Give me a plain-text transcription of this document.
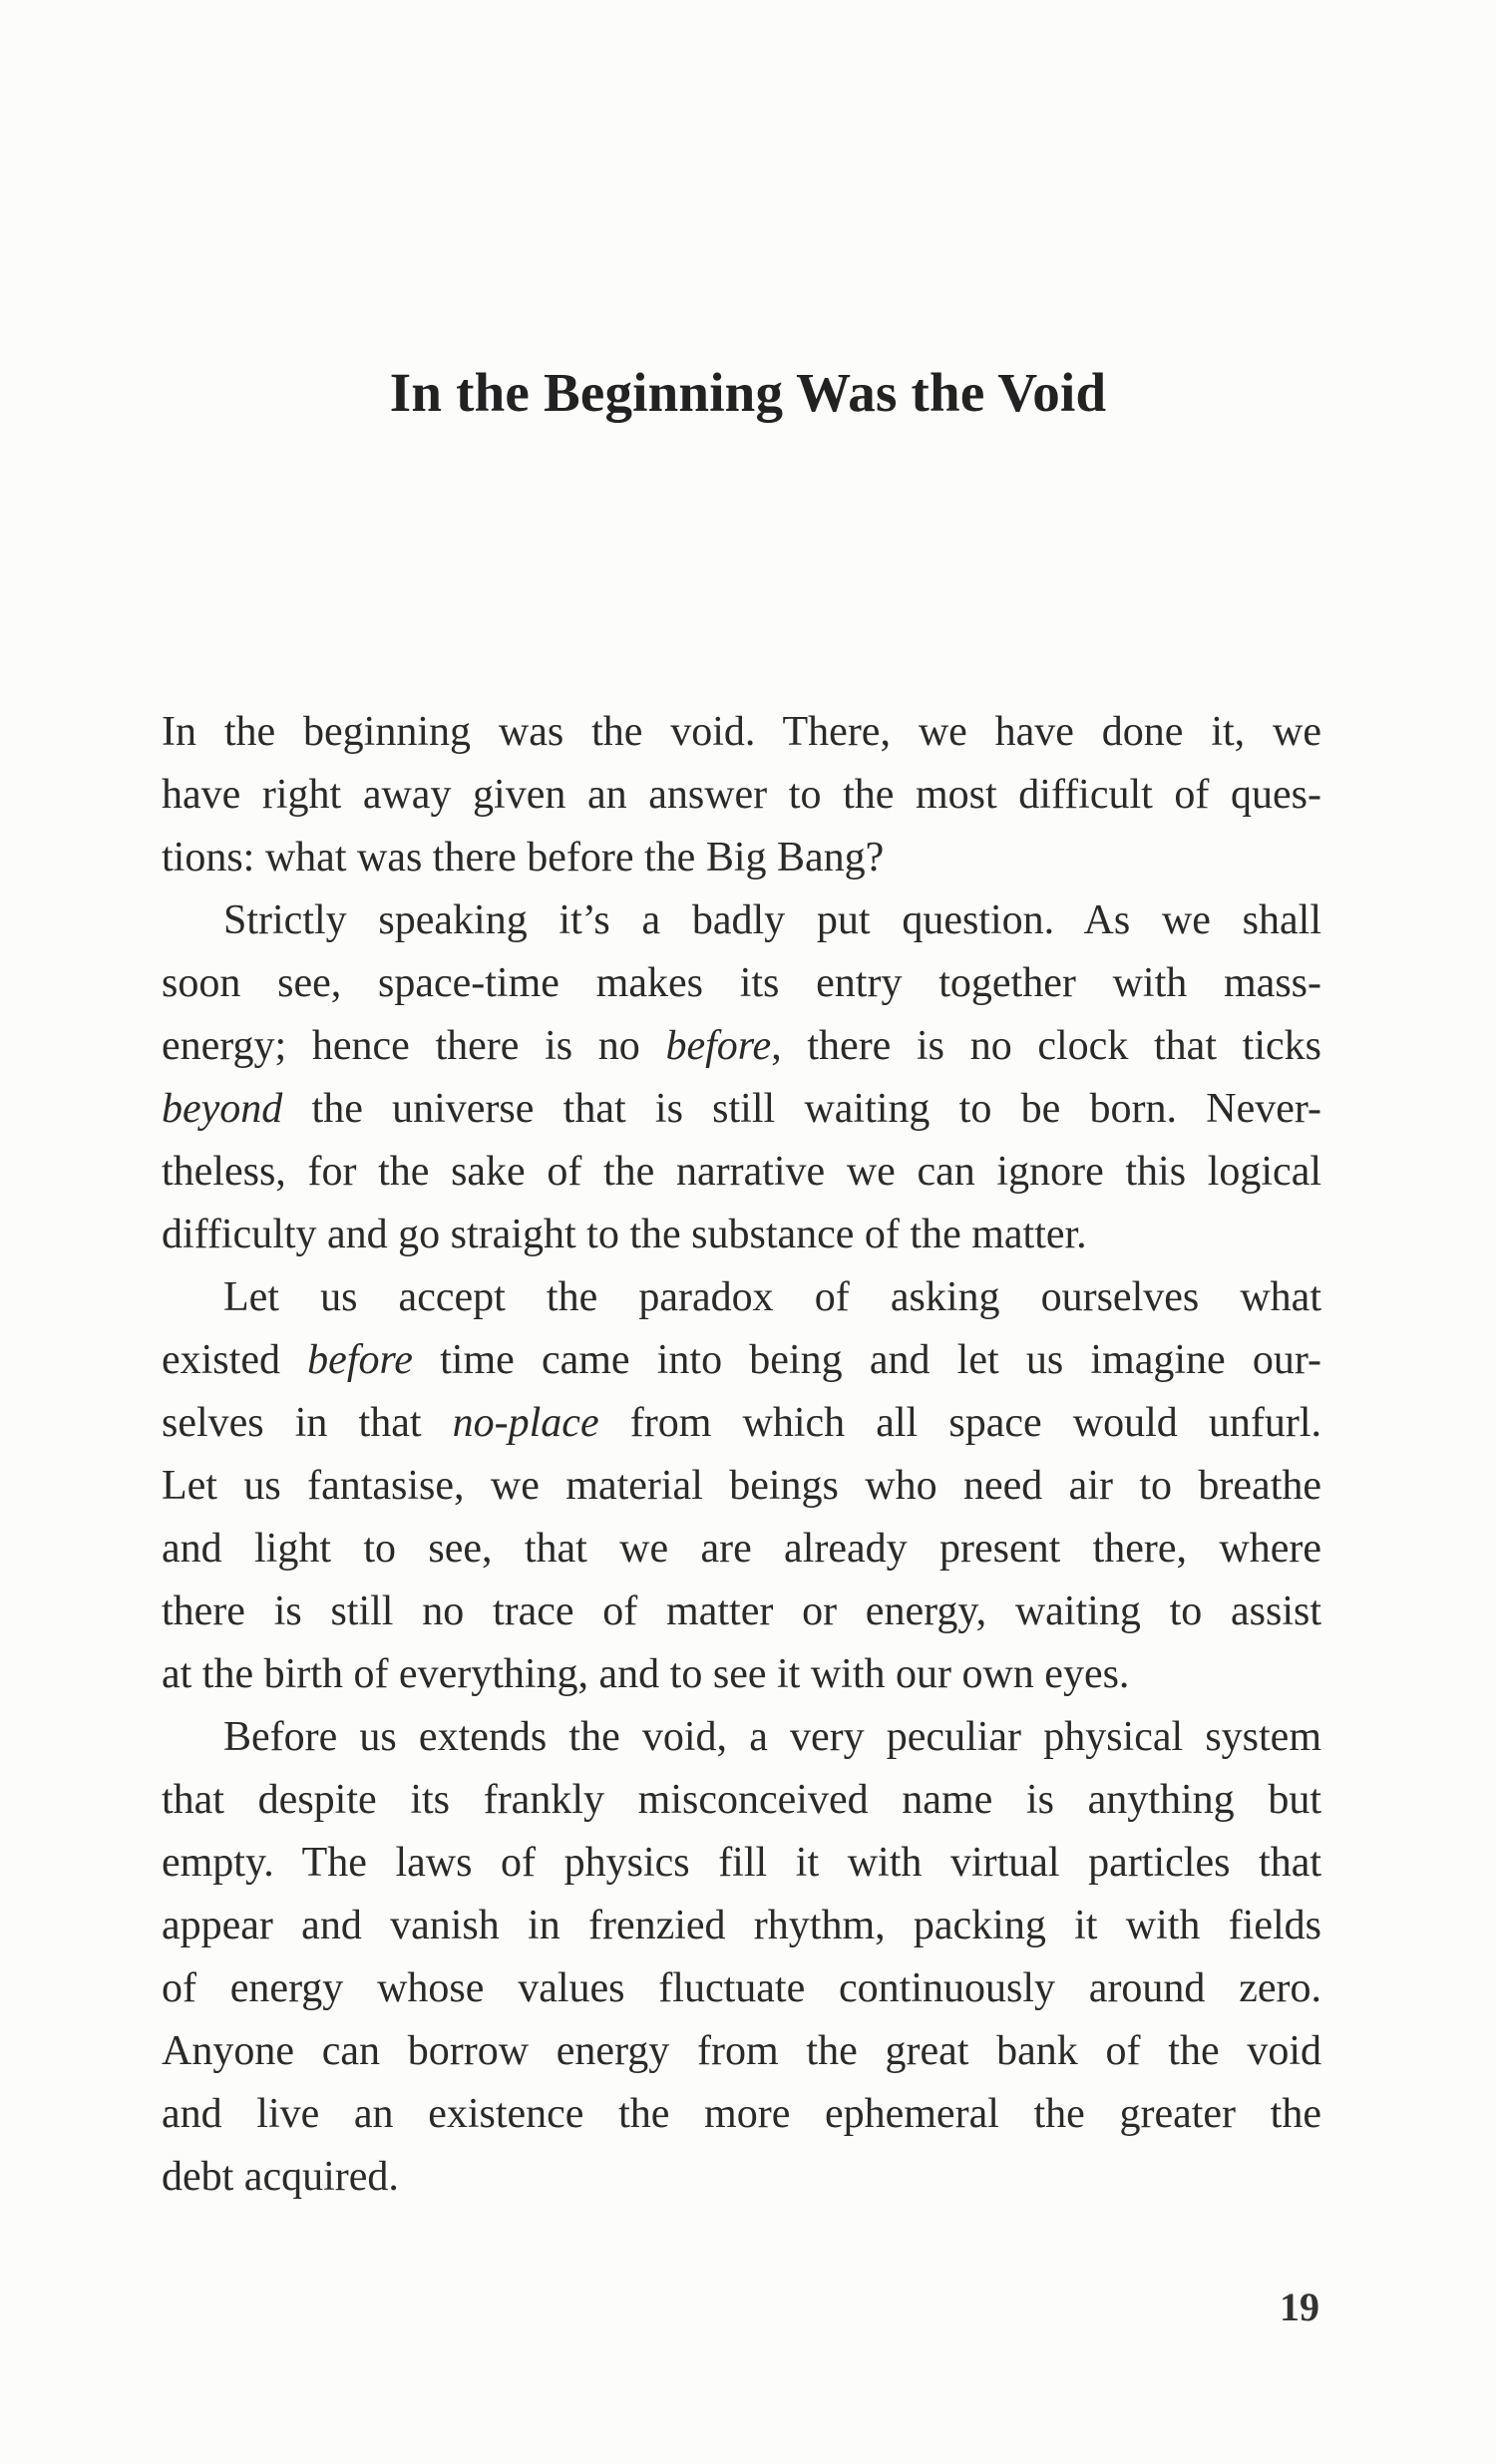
In the Beginning Was the Void
In the beginning was the void. There, we have done it, we
have right away given an answer to the most difficult of ques-
tions: what was there before the Big Bang?
Strictly speaking it’s a badly put question. As we shall
soon see, space-time makes its entry together with mass-
energy; hence there is no before, there is no clock that ticks
beyond the universe that is still waiting to be born. Never-
theless, for the sake of the narrative we can ignore this logical
difficulty and go straight to the substance of the matter.
Let us accept the paradox of asking ourselves what
existed before time came into being and let us imagine our-
selves in that no-place from which all space would unfurl.
Let us fantasise, we material beings who need air to breathe
and light to see, that we are already present there, where
there is still no trace of matter or energy, waiting to assist
at the birth of everything, and to see it with our own eyes.
Before us extends the void, a very peculiar physical system
that despite its frankly misconceived name is anything but
empty. The laws of physics fill it with virtual particles that
appear and vanish in frenzied rhythm, packing it with fields
of energy whose values fluctuate continuously around zero.
Anyone can borrow energy from the great bank of the void
and live an existence the more ephemeral the greater the
debt acquired.

19
